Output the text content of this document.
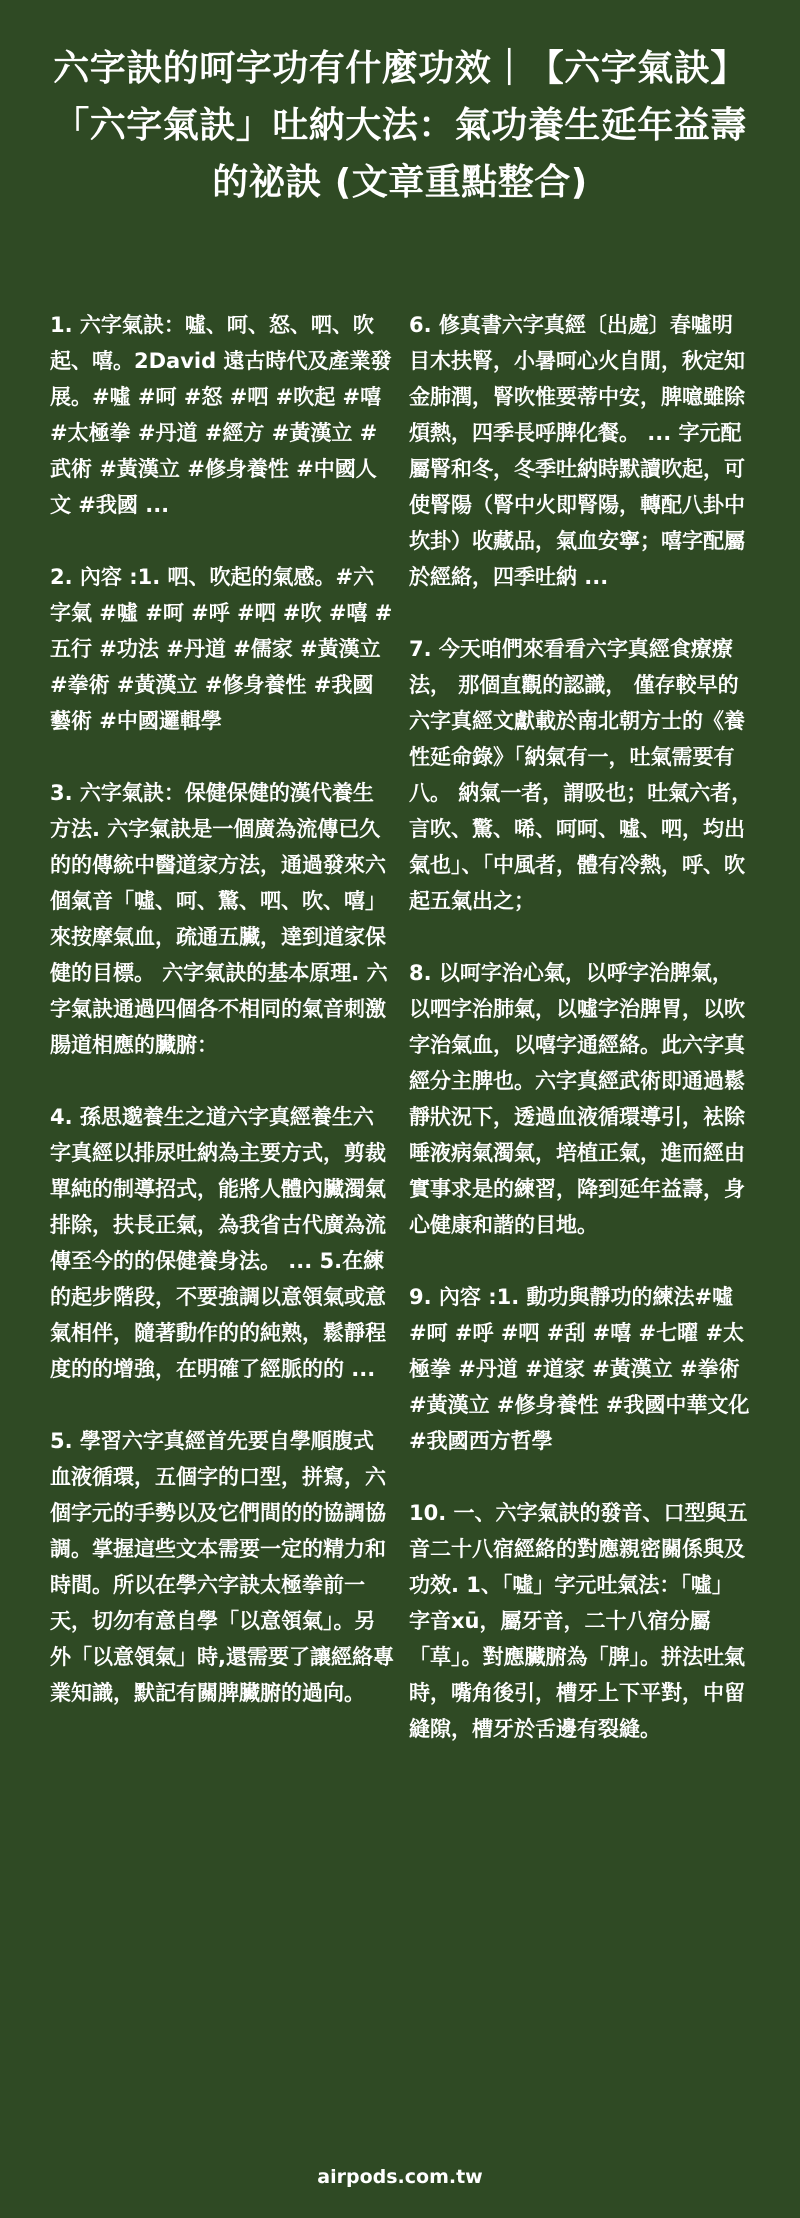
六字訣的呵字功有什麼功效｜【六字氣訣】「六字氣訣」吐納大法：氣功養生延年益壽的祕訣 (文章重點整合)

1. 六字氣訣：噓、呵、怒、呬、吹起、嘻。2David 遠古時代及產業發展。#噓 #呵 #怒 #呬 #吹起 #嘻 #太極拳 #丹道 #經方 #黃漢立 #武術 #黃漢立 #修身養性 #中國人文 #我國 ...

2. 內容 :1. 呬、吹起的氣感。#六字氣 #噓 #呵 #呼 #呬 #吹 #嘻 #五行 #功法 #丹道 #儒家 #黃漢立 #拳術 #黃漢立 #修身養性 #我國藝術 #中國邏輯學

3. 六字氣訣：保健保健的漢代養生方法. 六字氣訣是一個廣為流傳已久的的傳統中醫道家方法，通過發來六個氣音「噓、呵、驚、呬、吹、嘻」來按摩氣血，疏通五臟，達到道家保健的目標。 六字氣訣的基本原理. 六字氣訣通過四個各不相同的氣音刺激腸道相應的臟腑：

4. 孫思邈養生之道六字真經養生六字真經以排尿吐納為主要方式，剪裁單純的制導招式，能將人體內臟濁氣排除，扶長正氣，為我省古代廣為流傳至今的的保健養身法。 ... 5.在練的起步階段，不要強調以意領氣或意氣相伴，隨著動作的的純熟，鬆靜程度的的增強，在明確了經脈的的 ...

5. 學習六字真經首先要自學順腹式血液循環，五個字的口型，拼寫，六個字元的手勢以及它們間的的協調協調。掌握這些文本需要一定的精力和時間。所以在學六字訣太極拳前一天，切勿有意自學「以意領氣」。另外「以意領氣」時,還需要了讓經絡專業知識，默記有關脾臟腑的過向。

6. 修真書六字真經〔出處〕春噓明目木扶腎，小暑呵心火自閒，秋定知金肺潤，腎吹惟要蒂中安，脾噫雖除煩熱，四季長呼脾化餐。 ... 字元配屬腎和冬，冬季吐納時默讀吹起，可使腎陽（腎中火即腎陽，轉配八卦中坎卦）收藏品，氣血安寧；嘻字配屬於經絡，四季吐納 ...

7. 今天咱們來看看六字真經食療療法， 那個直觀的認識， 僅存較早的六字真經文獻載於南北朝方士的《養性延命錄》「納氣有一，吐氣需要有八。 納氣一者，謂吸也；吐氣六者，言吹、驚、唏、呵呵、噓、呬，均出氣也」、「中風者，體有冷熱，呼、吹起五氣出之；

8. 以呵字治心氣，以呼字治脾氣，以呬字治肺氣，以噓字治脾胃，以吹字治氣血，以嘻字通經絡。此六字真經分主脾也。六字真經武術即通過鬆靜狀況下，透過血液循環導引，袪除唾液病氣濁氣，培植正氣，進而經由實事求是的練習，降到延年益壽，身心健康和諧的目地。

9. 內容 :1. 動功與靜功的練法#噓 #呵 #呼 #呬 #刮 #嘻 #七曜 #太極拳 #丹道 #道家 #黃漢立 #拳術 #黃漢立 #修身養性 #我國中華文化 #我國西方哲學

10. 一、六字氣訣的發音、口型與五音二十八宿經絡的對應親密關係與及功效. 1、「噓」字元吐氣法：「噓」字音xū，屬牙音，二十八宿分屬「草」。對應臟腑為「脾」。拼法吐氣時，嘴角後引，槽牙上下平對，中留縫隙，槽牙於舌邊有裂縫。

airpods.com.tw
